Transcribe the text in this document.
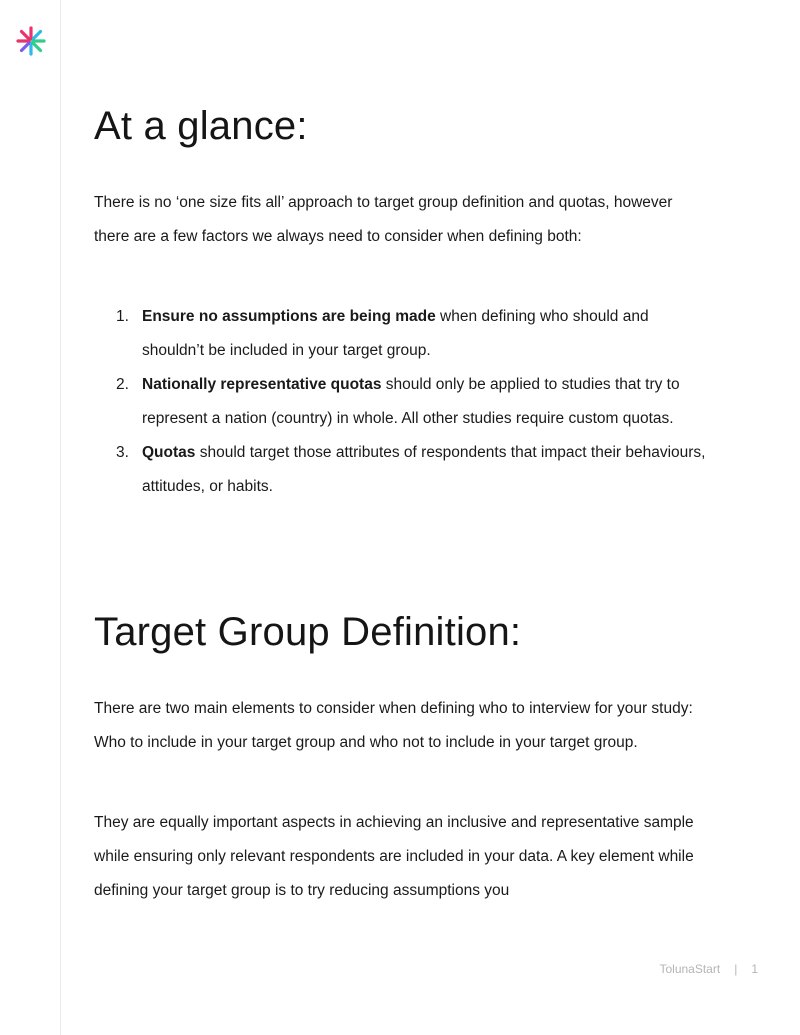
At a glance:

There is no ‘one size fits all’ approach to target group definition and quotas, however there are a few factors we always need to consider when defining both:

1. Ensure no assumptions are being made when defining who should and shouldn’t be included in your target group.
2. Nationally representative quotas should only be applied to studies that try to represent a nation (country) in whole. All other studies require custom quotas.
3. Quotas should target those attributes of respondents that impact their behaviours, attitudes, or habits.
Target Group Definition:

There are two main elements to consider when defining who to interview for your study: Who to include in your target group and who not to include in your target group.

They are equally important aspects in achieving an inclusive and representative sample while ensuring only relevant respondents are included in your data. A key element while defining your target group is to try reducing assumptions you

TolunaStart | 1
